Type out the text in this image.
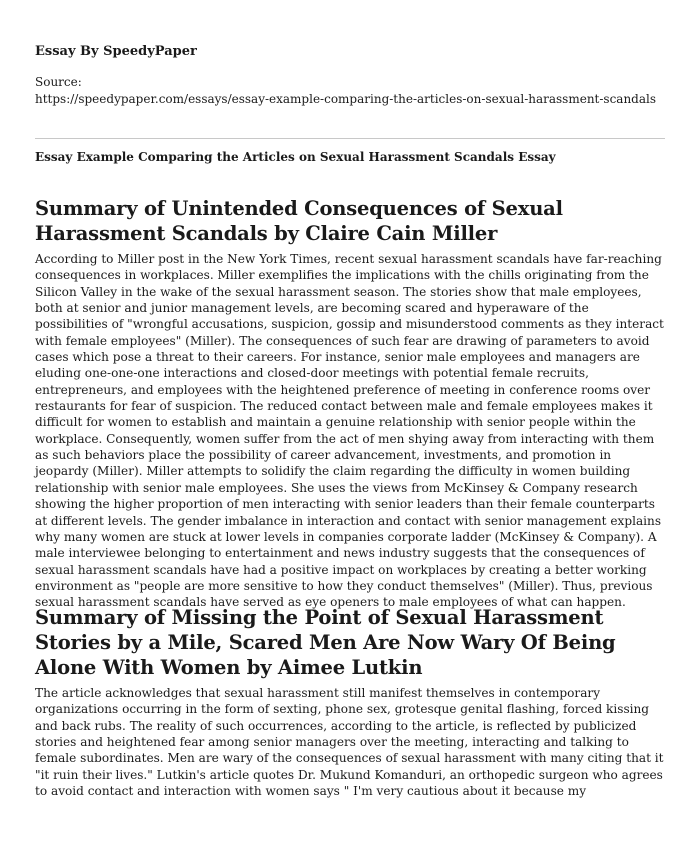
Essay By SpeedyPaper
Source:
https://speedypaper.com/essays/essay-example-comparing-the-articles-on-sexual-harassment-scandals
Essay Example Comparing the Articles on Sexual Harassment Scandals Essay
Summary of Unintended Consequences of Sexual Harassment Scandals by Claire Cain Miller

According to Miller post in the New York Times, recent sexual harassment scandals have far-reaching consequences in workplaces. Miller exemplifies the implications with the chills originating from the Silicon Valley in the wake of the sexual harassment season. The stories show that male employees, both at senior and junior management levels, are becoming scared and hyperaware of the possibilities of "wrongful accusations, suspicion, gossip and misunderstood comments as they interact with female employees" (Miller). The consequences of such fear are drawing of parameters to avoid cases which pose a threat to their careers. For instance, senior male employees and managers are eluding one-one-one interactions and closed-door meetings with potential female recruits, entrepreneurs, and employees with the heightened preference of meeting in conference rooms over restaurants for fear of suspicion. The reduced contact between male and female employees makes it difficult for women to establish and maintain a genuine relationship with senior people within the workplace. Consequently, women suffer from the act of men shying away from interacting with them as such behaviors place the possibility of career advancement, investments, and promotion in jeopardy (Miller). Miller attempts to solidify the claim regarding the difficulty in women building relationship with senior male employees. She uses the views from McKinsey & Company research showing the higher proportion of men interacting with senior leaders than their female counterparts at different levels. The gender imbalance in interaction and contact with senior management explains why many women are stuck at lower levels in companies corporate ladder (McKinsey & Company). A male interviewee belonging to entertainment and news industry suggests that the consequences of sexual harassment scandals have had a positive impact on workplaces by creating a better working environment as "people are more sensitive to how they conduct themselves" (Miller). Thus, previous sexual harassment scandals have served as eye openers to male employees of what can happen.

Summary of Missing the Point of Sexual Harassment Stories by a Mile, Scared Men Are Now Wary Of Being Alone With Women by Aimee Lutkin

The article acknowledges that sexual harassment still manifest themselves in contemporary organizations occurring in the form of sexting, phone sex, grotesque genital flashing, forced kissing and back rubs. The reality of such occurrences, according to the article, is reflected by publicized stories and heightened fear among senior managers over the meeting, interacting and talking to female subordinates. Men are wary of the consequences of sexual harassment with many citing that it "it ruin their lives." Lutkin's article quotes Dr. Mukund Komanduri, an orthopedic surgeon who agrees to avoid contact and interaction with women says " I'm very cautious about it because my
